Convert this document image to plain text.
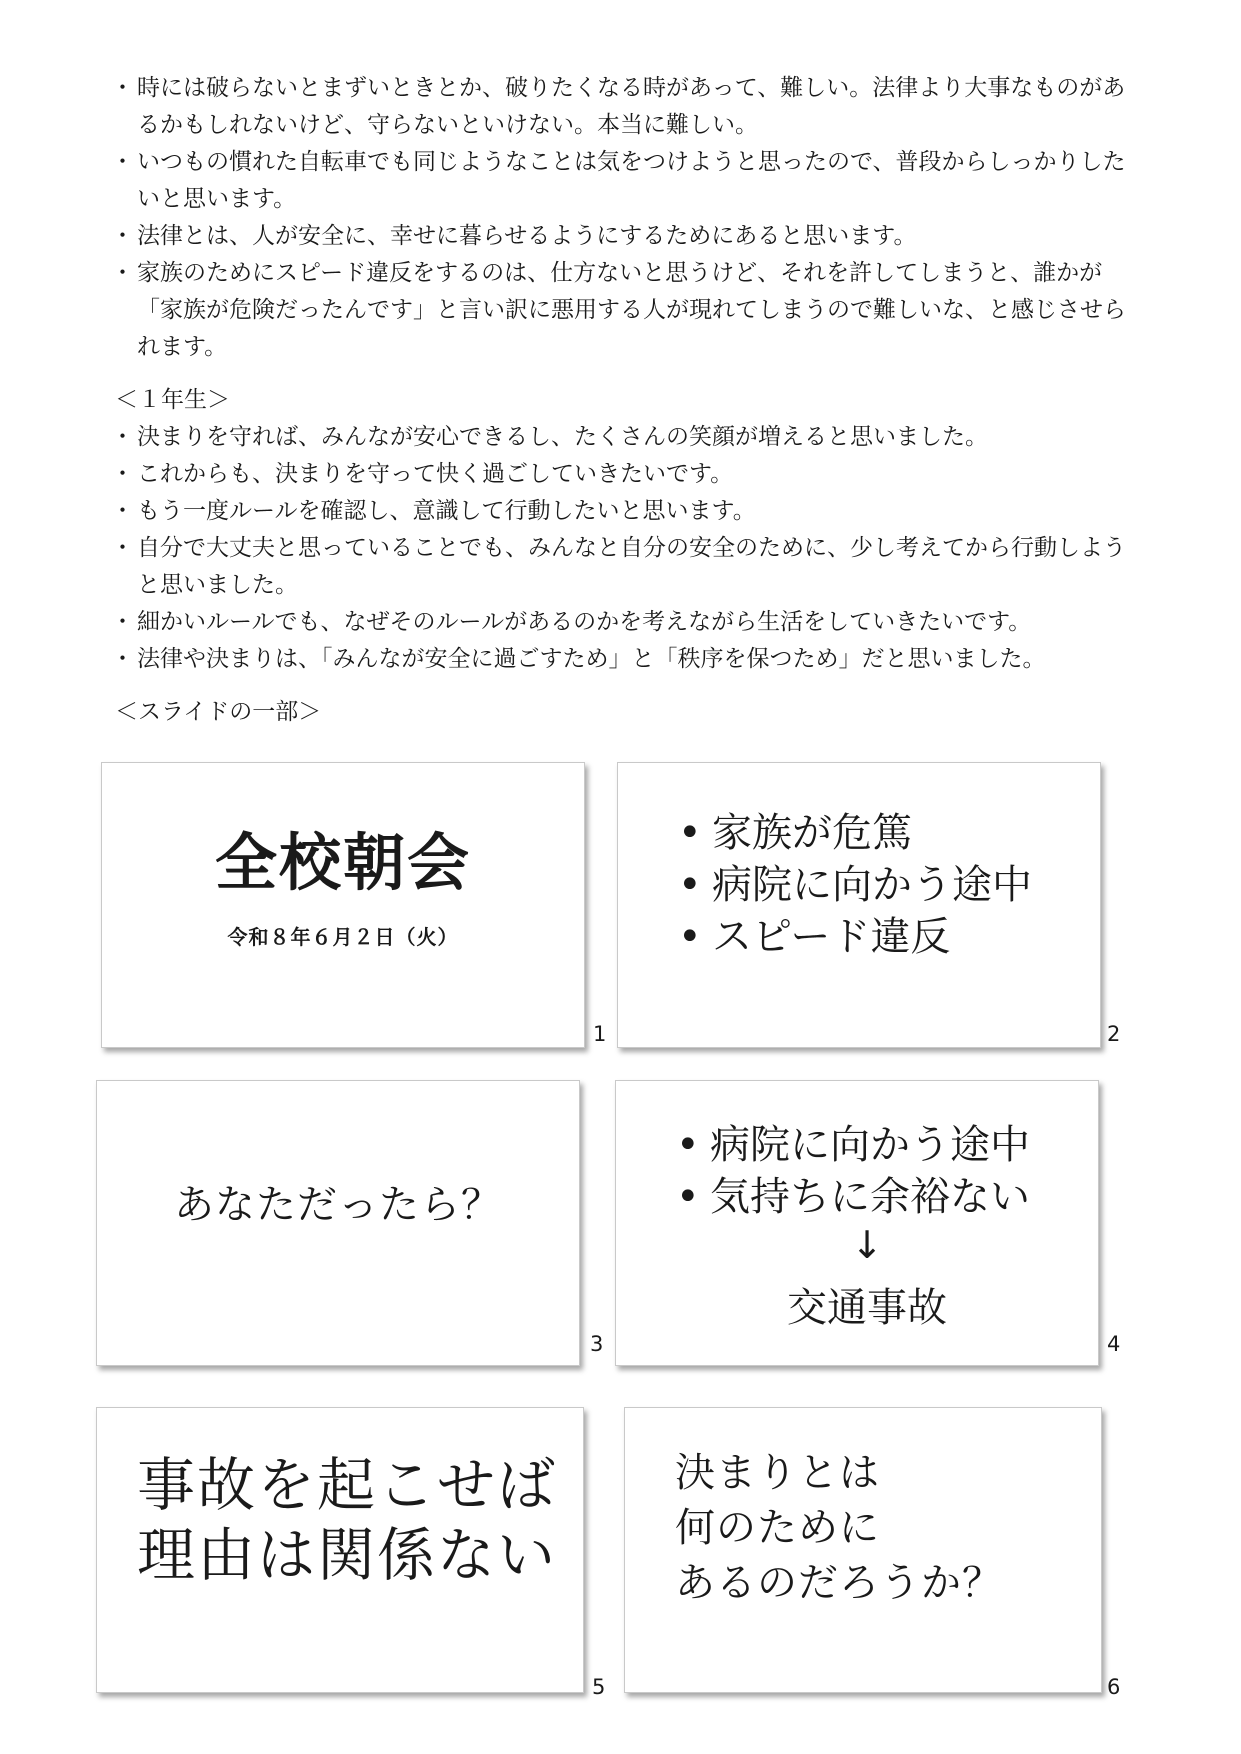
・ 時には破らないとまずいときとか、破りたくなる時があって、難しい。法律より大事なものがあるかもしれないけど、守らないといけない。本当に難しい。

・ いつもの慣れた自転車でも同じようなことは気をつけようと思ったので、普段からしっかりしたいと思います。

・ 法律とは、人が安全に、幸せに暮らせるようにするためにあると思います。

・ 家族のためにスピード違反をするのは、仕方ないと思うけど、それを許してしまうと、誰かが「家族が危険だったんです」と言い訳に悪用する人が現れてしまうので難しいな、と感じさせられます。

＜１年生＞

・ 決まりを守れば、みんなが安心できるし、たくさんの笑顔が増えると思いました。

・ これからも、決まりを守って快く過ごしていきたいです。

・ もう一度ルールを確認し、意識して行動したいと思います。

・ 自分で大丈夫と思っていることでも、みんなと自分の安全のために、少し考えてから行動しようと思いました。

・ 細かいルールでも、なぜそのルールがあるのかを考えながら生活をしていきたいです。

・ 法律や決まりは、「みんなが安全に過ごすため」と「秩序を保つため」だと思いました。

＜スライドの一部＞

全校朝会
令和８年６月２日（火）
1
• 家族が危篤
• 病院に向かう途中
• スピード違反
2
あなただったら？
3
• 病院に向かう途中
• 気持ちに余裕ない
↓
交通事故
4
事故を起こせば
理由は関係ない
5
決まりとは
何のために
あるのだろうか？
6
